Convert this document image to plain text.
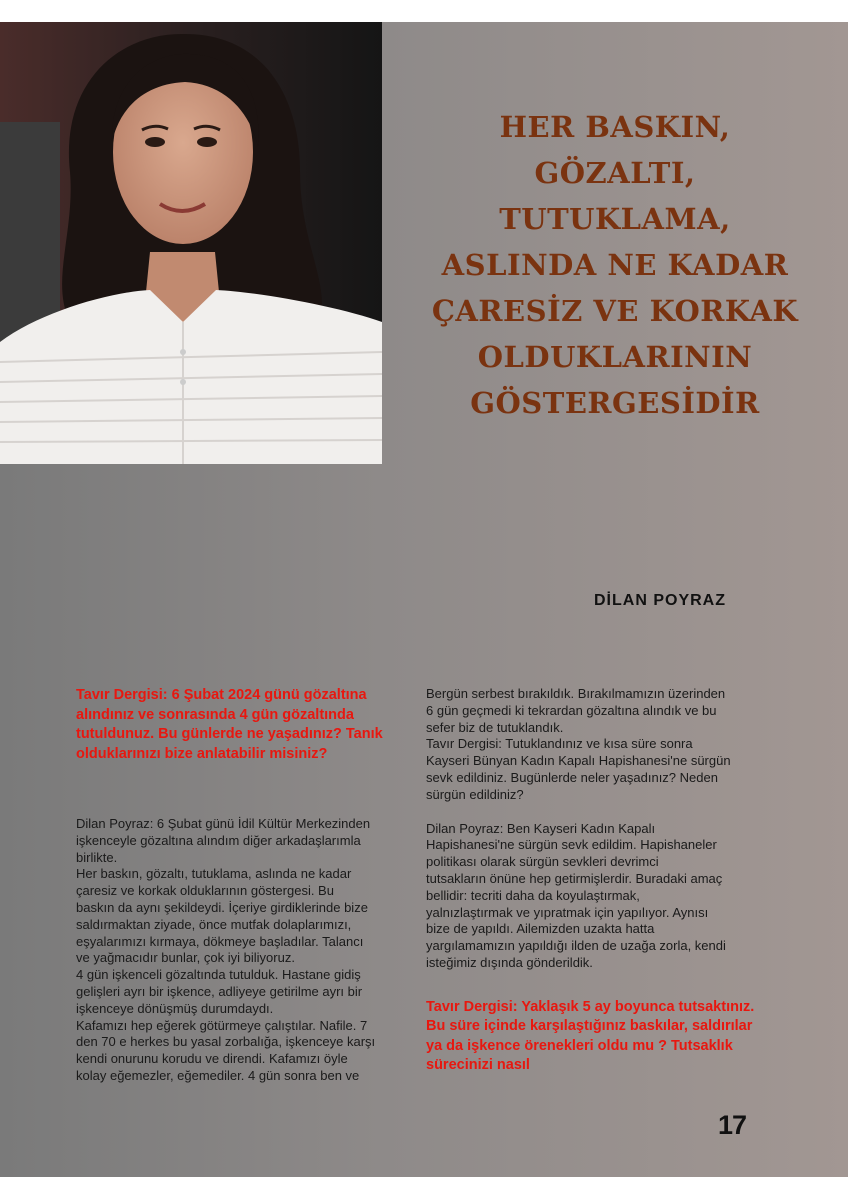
HER BASKIN,
GÖZALTI,
TUTUKLAMA,
ASLINDA NE KADAR
ÇARESİZ VE KORKAK
OLDUKLARININ
GÖSTERGESİDİR
DİLAN POYRAZ

Tavır Dergisi: 6 Şubat 2024 günü gözaltına alındınız ve sonrasında 4 gün gözaltında tutuldunuz. Bu günlerde ne yaşadınız? Tanık olduklarınızı bize anlatabilir misiniz?

Dilan Poyraz: 6 Şubat günü İdil Kültür Merkezinden
işkenceyle gözaltına alındım diğer arkadaşlarımla
birlikte.
Her baskın, gözaltı, tutuklama, aslında ne kadar
çaresiz ve korkak olduklarının göstergesi. Bu
baskın da aynı şekildeydi. İçeriye girdiklerinde bize
saldırmaktan ziyade, önce mutfak dolaplarımızı,
eşyalarımızı kırmaya, dökmeye başladılar. Talancı
ve yağmacıdır bunlar, çok iyi biliyoruz.
4 gün işkenceli gözaltında tutulduk. Hastane gidiş
gelişleri ayrı bir işkence, adliyeye getirilme ayrı bir
işkenceye dönüşmüş durumdaydı.
Kafamızı hep eğerek götürmeye çalıştılar. Nafile. 7
den 70 e herkes bu yasal zorbalığa, işkenceye karşı
kendi onurunu korudu ve direndi. Kafamızı öyle
kolay eğemezler, eğemediler. 4 gün sonra ben ve
Bergün serbest bırakıldık. Bırakılmamızın üzerinden
6 gün geçmedi ki tekrardan gözaltına alındık ve bu
sefer biz de tutuklandık.
Tavır Dergisi: Tutuklandınız ve kısa süre sonra
Kayseri Bünyan Kadın Kapalı Hapishanesi'ne sürgün
sevk edildiniz. Bugünlerde neler yaşadınız? Neden
sürgün edildiniz?
Dilan Poyraz: Ben Kayseri Kadın Kapalı
Hapishanesi'ne sürgün sevk edildim. Hapishaneler
politikası olarak sürgün sevkleri devrimci
tutsakların önüne hep getirmişlerdir. Buradaki amaç
bellidir: tecriti daha da koyulaştırmak,
yalnızlaştırmak ve yıpratmak için yapılıyor. Aynısı
bize de yapıldı. Ailemizden uzakta hatta
yargılamamızın yapıldığı ilden de uzağa zorla, kendi
isteğimiz dışında gönderildik.

Tavır Dergisi: Yaklaşık 5 ay boyunca tutsaktınız. Bu süre içinde karşılaştığınız baskılar, saldırılar ya da işkence örenekleri oldu mu ? Tutsaklık sürecinizi nasıl

17
